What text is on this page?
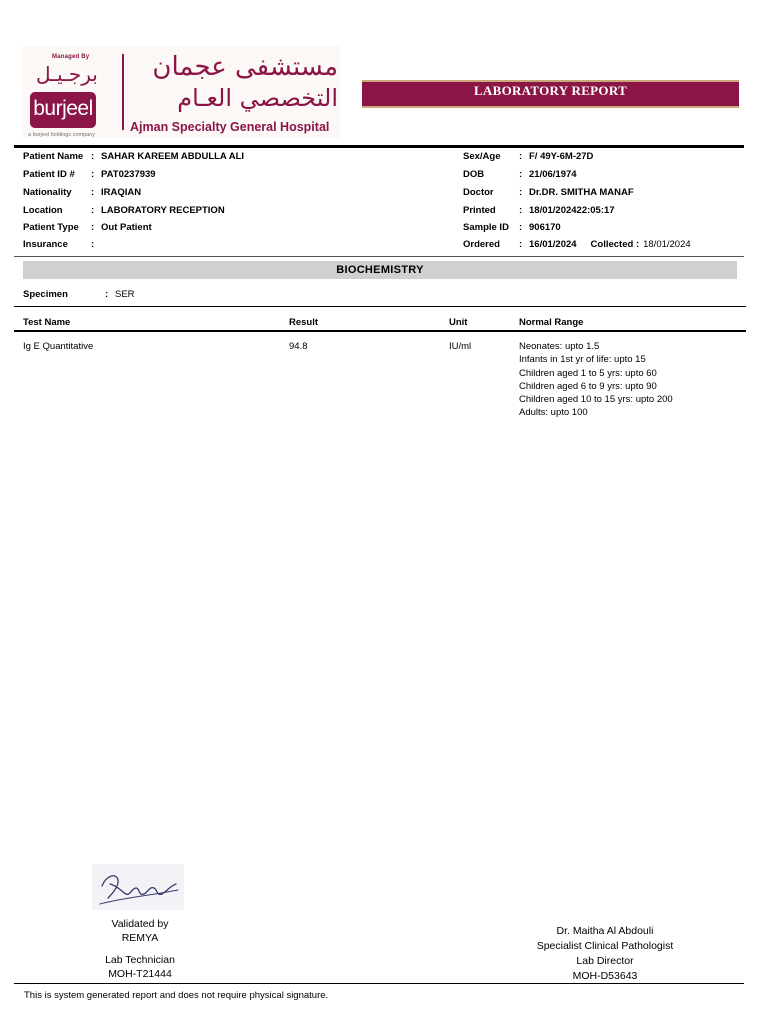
Managed By
برجـيـل
burjeel
a burjeel holdings company
مستشفى عجمان
التخصصي العـام
Ajman Specialty General Hospital
LABORATORY REPORT
Patient Name : SAHAR KAREEM ABDULLA ALI
Patient ID # : PAT0237939
Nationality : IRAQIAN
Location	: LABORATORY RECEPTION
Patient Type : Out Patient
Insurance :
Sex/Age : F/ 49Y-6M-27D
DOB	: 21/06/1974
Doctor	: Dr.DR. SMITHA MANAF
Printed : 18/01/202422:05:17
Sample ID : 906170
Ordered : 16/01/2024 Collected : 18/01/2024
BIOCHEMISTRY
Specimen	: SER
Test Name	Result	Unit	Normal Range
Ig E Quantitative	94.8	IU/ml	Neonates: upto 1.5
Infants in 1st yr of life: upto 15
Children aged 1 to 5 yrs: upto 60
Children aged 6 to 9 yrs: upto 90
Children aged 10 to 15 yrs: upto 200
Adults: upto 100
Validated by
REMYA
Lab Technician
MOH-T21444
Dr. Maitha Al Abdouli
Specialist Clinical Pathologist
Lab Director
MOH-D53643
This is system generated report and does not require physical signature.
